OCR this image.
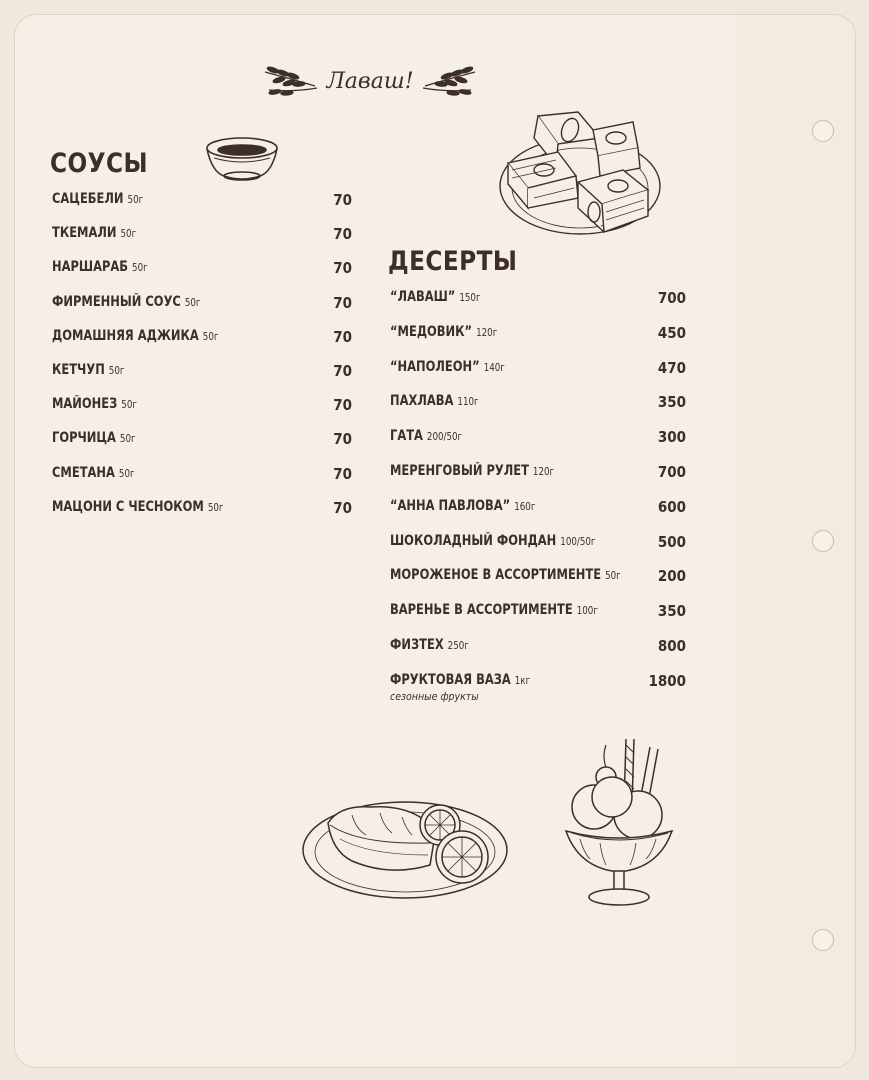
Лаваш!
СОУСЫ
САЦЕБЕЛИ 50г	70
ТКЕМАЛИ 50г	70
НАРШАРАБ 50г	70
ФИРМЕННЫЙ СОУС 50г	70
ДОМАШНЯЯ АДЖИКА 50г	70
КЕТЧУП 50г	70
МАЙОНЕЗ 50г	70
ГОРЧИЦА 50г	70
СМЕТАНА 50г	70
МАЦОНИ С ЧЕСНОКОМ 50г	70
ДЕСЕРТЫ
“ЛАВАШ” 150г	700
“МЕДОВИК” 120г	450
“НАПОЛЕОН” 140г	470
ПАХЛАВА 110г	350
ГАТА 200/50г	300
МЕРЕНГОВЫЙ РУЛЕТ 120г	700
“АННА ПАВЛОВА” 160г	600
ШОКОЛАДНЫЙ ФОНДАН 100/50г	500
МОРОЖЕНОЕ В АССОРТИМЕНТЕ 50г 200
ВАРЕНЬЕ В АССОРТИМЕНТЕ 100г	350
ФИЗТЕХ 250г	800
ФРУКТОВАЯ ВАЗА 1кг	1800
сезонные фрукты
